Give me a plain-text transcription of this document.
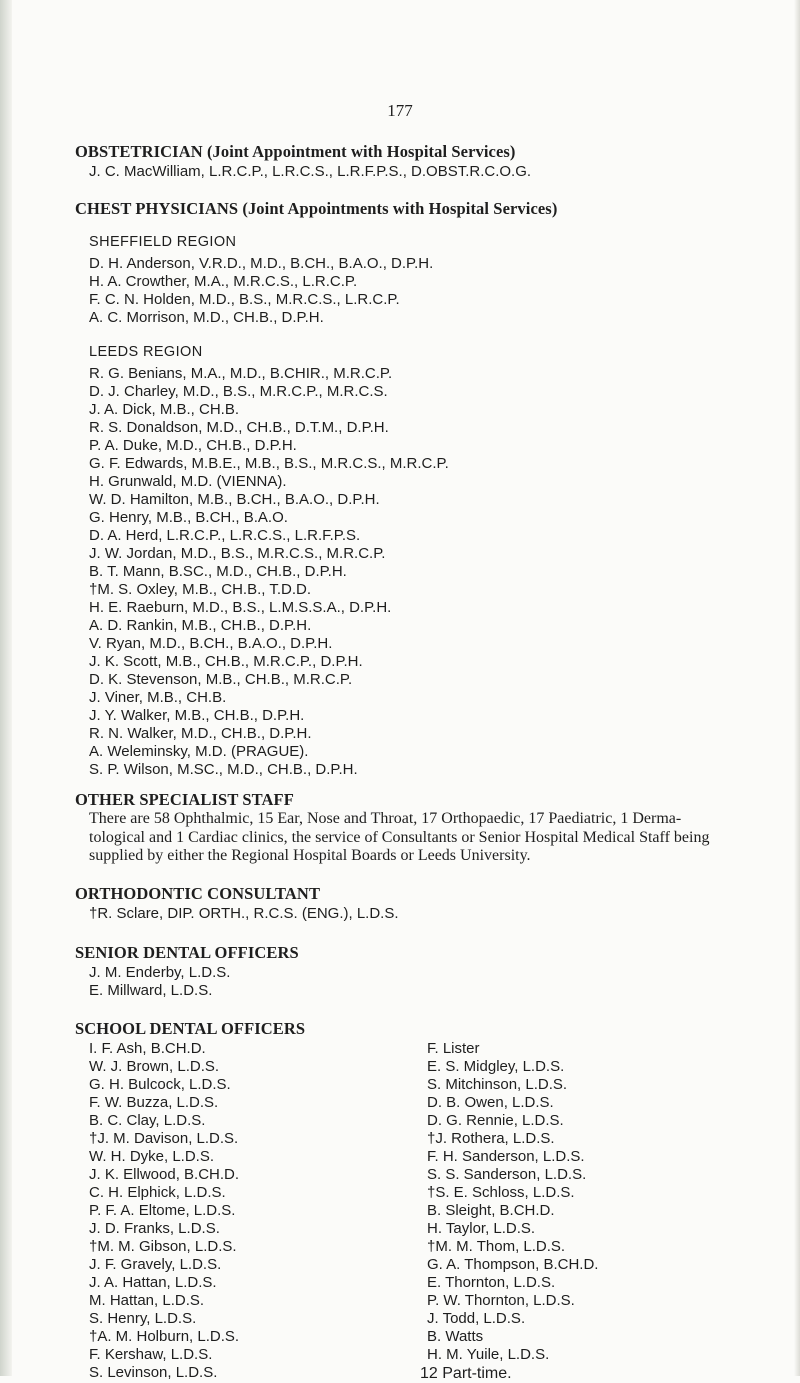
177
OBSTETRICIAN (Joint Appointment with Hospital Services)
J. C. MacWilliam, L.R.C.P., L.R.C.S., L.R.F.P.S., D.OBST.R.C.O.G.
CHEST PHYSICIANS (Joint Appointments with Hospital Services)
SHEFFIELD REGION
D. H. Anderson, V.R.D., M.D., B.CH., B.A.O., D.P.H.
H. A. Crowther, M.A., M.R.C.S., L.R.C.P.
F. C. N. Holden, M.D., B.S., M.R.C.S., L.R.C.P.
A. C. Morrison, M.D., CH.B., D.P.H.
LEEDS REGION
R. G. Benians, M.A., M.D., B.CHIR., M.R.C.P.
D. J. Charley, M.D., B.S., M.R.C.P., M.R.C.S.
J. A. Dick, M.B., CH.B.
R. S. Donaldson, M.D., CH.B., D.T.M., D.P.H.
P. A. Duke, M.D., CH.B., D.P.H.
G. F. Edwards, M.B.E., M.B., B.S., M.R.C.S., M.R.C.P.
H. Grunwald, M.D. (VIENNA).
W. D. Hamilton, M.B., B.CH., B.A.O., D.P.H.
G. Henry, M.B., B.CH., B.A.O.
D. A. Herd, L.R.C.P., L.R.C.S., L.R.F.P.S.
J. W. Jordan, M.D., B.S., M.R.C.S., M.R.C.P.
B. T. Mann, B.SC., M.D., CH.B., D.P.H.
†M. S. Oxley, M.B., CH.B., T.D.D.
H. E. Raeburn, M.D., B.S., L.M.S.S.A., D.P.H.
A. D. Rankin, M.B., CH.B., D.P.H.
V. Ryan, M.D., B.CH., B.A.O., D.P.H.
J. K. Scott, M.B., CH.B., M.R.C.P., D.P.H.
D. K. Stevenson, M.B., CH.B., M.R.C.P.
J. Viner, M.B., CH.B.
J. Y. Walker, M.B., CH.B., D.P.H.
R. N. Walker, M.D., CH.B., D.P.H.
A. Weleminsky, M.D. (PRAGUE).
S. P. Wilson, M.SC., M.D., CH.B., D.P.H.
OTHER SPECIALIST STAFF

There are 58 Ophthalmic, 15 Ear, Nose and Throat, 17 Orthopaedic, 17 Paediatric, 1 Derma-

tological and 1 Cardiac clinics, the service of Consultants or Senior Hospital Medical Staff being

supplied by either the Regional Hospital Boards or Leeds University.

ORTHODONTIC CONSULTANT
†R. Sclare, DIP. ORTH., R.C.S. (ENG.), L.D.S.
SENIOR DENTAL OFFICERS
J. M. Enderby, L.D.S.
E. Millward, L.D.S.
SCHOOL DENTAL OFFICERS
I. F. Ash, B.CH.D.
W. J. Brown, L.D.S.
G. H. Bulcock, L.D.S.
F. W. Buzza, L.D.S.
B. C. Clay, L.D.S.
†J. M. Davison, L.D.S.
W. H. Dyke, L.D.S.
J. K. Ellwood, B.CH.D.
C. H. Elphick, L.D.S.
P. F. A. Eltome, L.D.S.
J. D. Franks, L.D.S.
†M. M. Gibson, L.D.S.
J. F. Gravely, L.D.S.
J. A. Hattan, L.D.S.
M. Hattan, L.D.S.
S. Henry, L.D.S.
†A. M. Holburn, L.D.S.
F. Kershaw, L.D.S.
S. Levinson, L.D.S.
F. Lister
E. S. Midgley, L.D.S.
S. Mitchinson, L.D.S.
D. B. Owen, L.D.S.
D. G. Rennie, L.D.S.
†J. Rothera, L.D.S.
F. H. Sanderson, L.D.S.
S. S. Sanderson, L.D.S.
†S. E. Schloss, L.D.S.
B. Sleight, B.CH.D.
H. Taylor, L.D.S.
†M. M. Thom, L.D.S.
G. A. Thompson, B.CH.D.
E. Thornton, L.D.S.
P. W. Thornton, L.D.S.
J. Todd, L.D.S.
B. Watts
H. M. Yuile, L.D.S.
12 Part-time.
